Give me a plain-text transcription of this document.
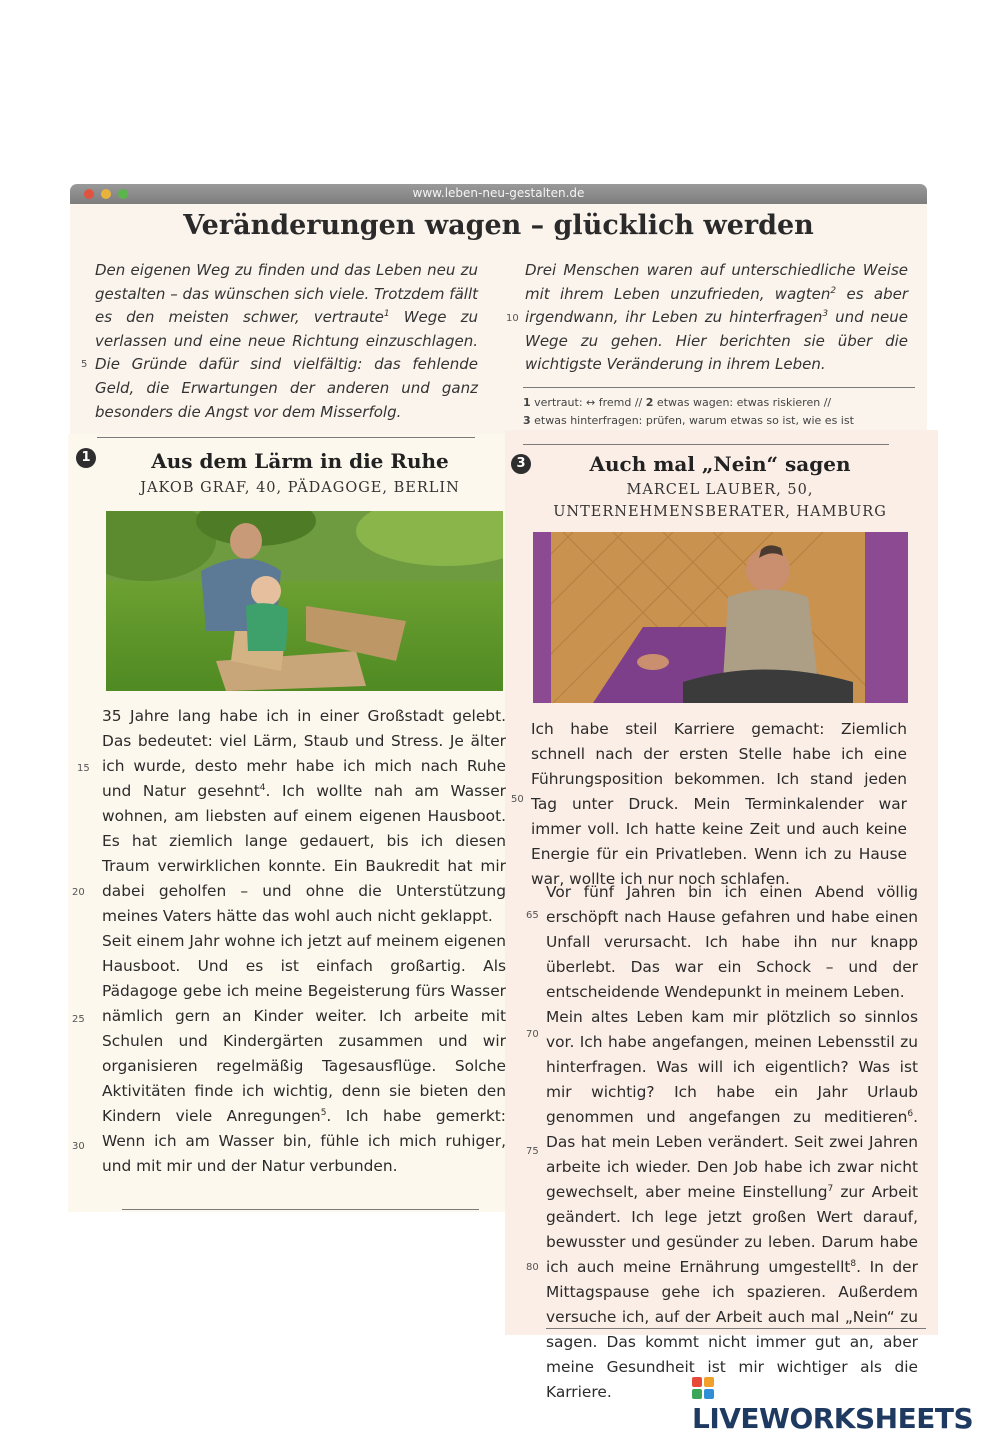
www.leben-neu-gestalten.de
Veränderungen wagen – glücklich werden

Den eigenen Weg zu finden und das Leben neu zu gestalten – das wünschen sich viele. Trotzdem fällt es den meisten schwer, vertraute$^1$ Wege zu verlassen und eine neue Richtung einzuschlagen. Die Gründe dafür sind vielfältig: das fehlende Geld, die Erwartungen der anderen und ganz besonders die Angst vor dem Misserfolg.

5

Drei Menschen waren auf unterschiedliche Weise mit ihrem Leben unzufrieden, wagten$^2$ es aber irgendwann, ihr Leben zu hinterfragen$^3$ und neue Wege zu gehen. Hier berichten sie über die wichtigste Veränderung in ihrem Leben.

10
1 vertraut: ↔ fremd // 2 etwas wagen: etwas riskieren //
3 etwas hinterfragen: prüfen, warum etwas so ist, wie es ist
1	Aus dem Lärm in die Ruhe
JAKOB GRAF, 40, PÄDAGOGE, BERLIN

35 Jahre lang habe ich in einer Großstadt gelebt. Das bedeutet: viel Lärm, Staub und Stress. Je älter ich wurde, desto mehr habe ich mich nach Ruhe und Natur gesehnt$^4$. Ich wollte nah am Wasser wohnen, am liebsten auf einem eigenen Hausboot. Es hat ziemlich lange gedauert, bis ich diesen Traum verwirklichen konnte. Ein Baukredit hat mir dabei geholfen – und ohne die Unterstützung meines Vaters hätte das wohl auch nicht geklappt.

Seit einem Jahr wohne ich jetzt auf meinem eigenen Hausboot. Und es ist einfach großartig. Als Pädagoge gebe ich meine Begeisterung fürs Wasser nämlich gern an Kinder weiter. Ich arbeite mit Schulen und Kindergärten zusammen und wir organisieren regelmäßig Tagesausflüge. Solche Aktivitäten finde ich wichtig, denn sie bieten den Kindern viele Anregungen$^5$. Ich habe gemerkt: Wenn ich am Wasser bin, fühle ich mich ruhiger, und mit mir und der Natur verbunden.

15
20
25
30
3	Auch mal „Nein“ sagen
MARCEL LAUBER, 50,
UNTERNEHMENSBERATER, HAMBURG

Ich habe steil Karriere gemacht: Ziemlich schnell nach der ersten Stelle habe ich eine Führungsposition bekommen. Ich stand jeden Tag unter Druck. Mein Terminkalender war immer voll. Ich hatte keine Zeit und auch keine Energie für ein Privatleben. Wenn ich zu Hause war, wollte ich nur noch schlafen.

Vor fünf Jahren bin ich einen Abend völlig erschöpft nach Hause gefahren und habe einen Unfall verursacht. Ich habe ihn nur knapp überlebt. Das war ein Schock – und der entscheidende Wendepunkt in meinem Leben.

Mein altes Leben kam mir plötzlich so sinnlos vor. Ich habe angefangen, meinen Lebensstil zu hinterfragen. Was will ich eigentlich? Was ist mir wichtig? Ich habe ein Jahr Urlaub genommen und angefangen zu meditieren$^6$. Das hat mein Leben verändert. Seit zwei Jahren arbeite ich wieder. Den Job habe ich zwar nicht gewechselt, aber meine Einstellung$^7$ zur Arbeit geändert. Ich lege jetzt großen Wert darauf, bewusster und gesünder zu leben. Darum habe ich auch meine Ernährung umgestellt$^8$. In der Mittagspause gehe ich spazieren. Außerdem versuche ich, auf der Arbeit auch mal „Nein“ zu sagen. Das kommt nicht immer gut an, aber meine Gesundheit ist mir wichtiger als die Karriere.

50
65
70
75
80
LIVEWORKSHEETS
